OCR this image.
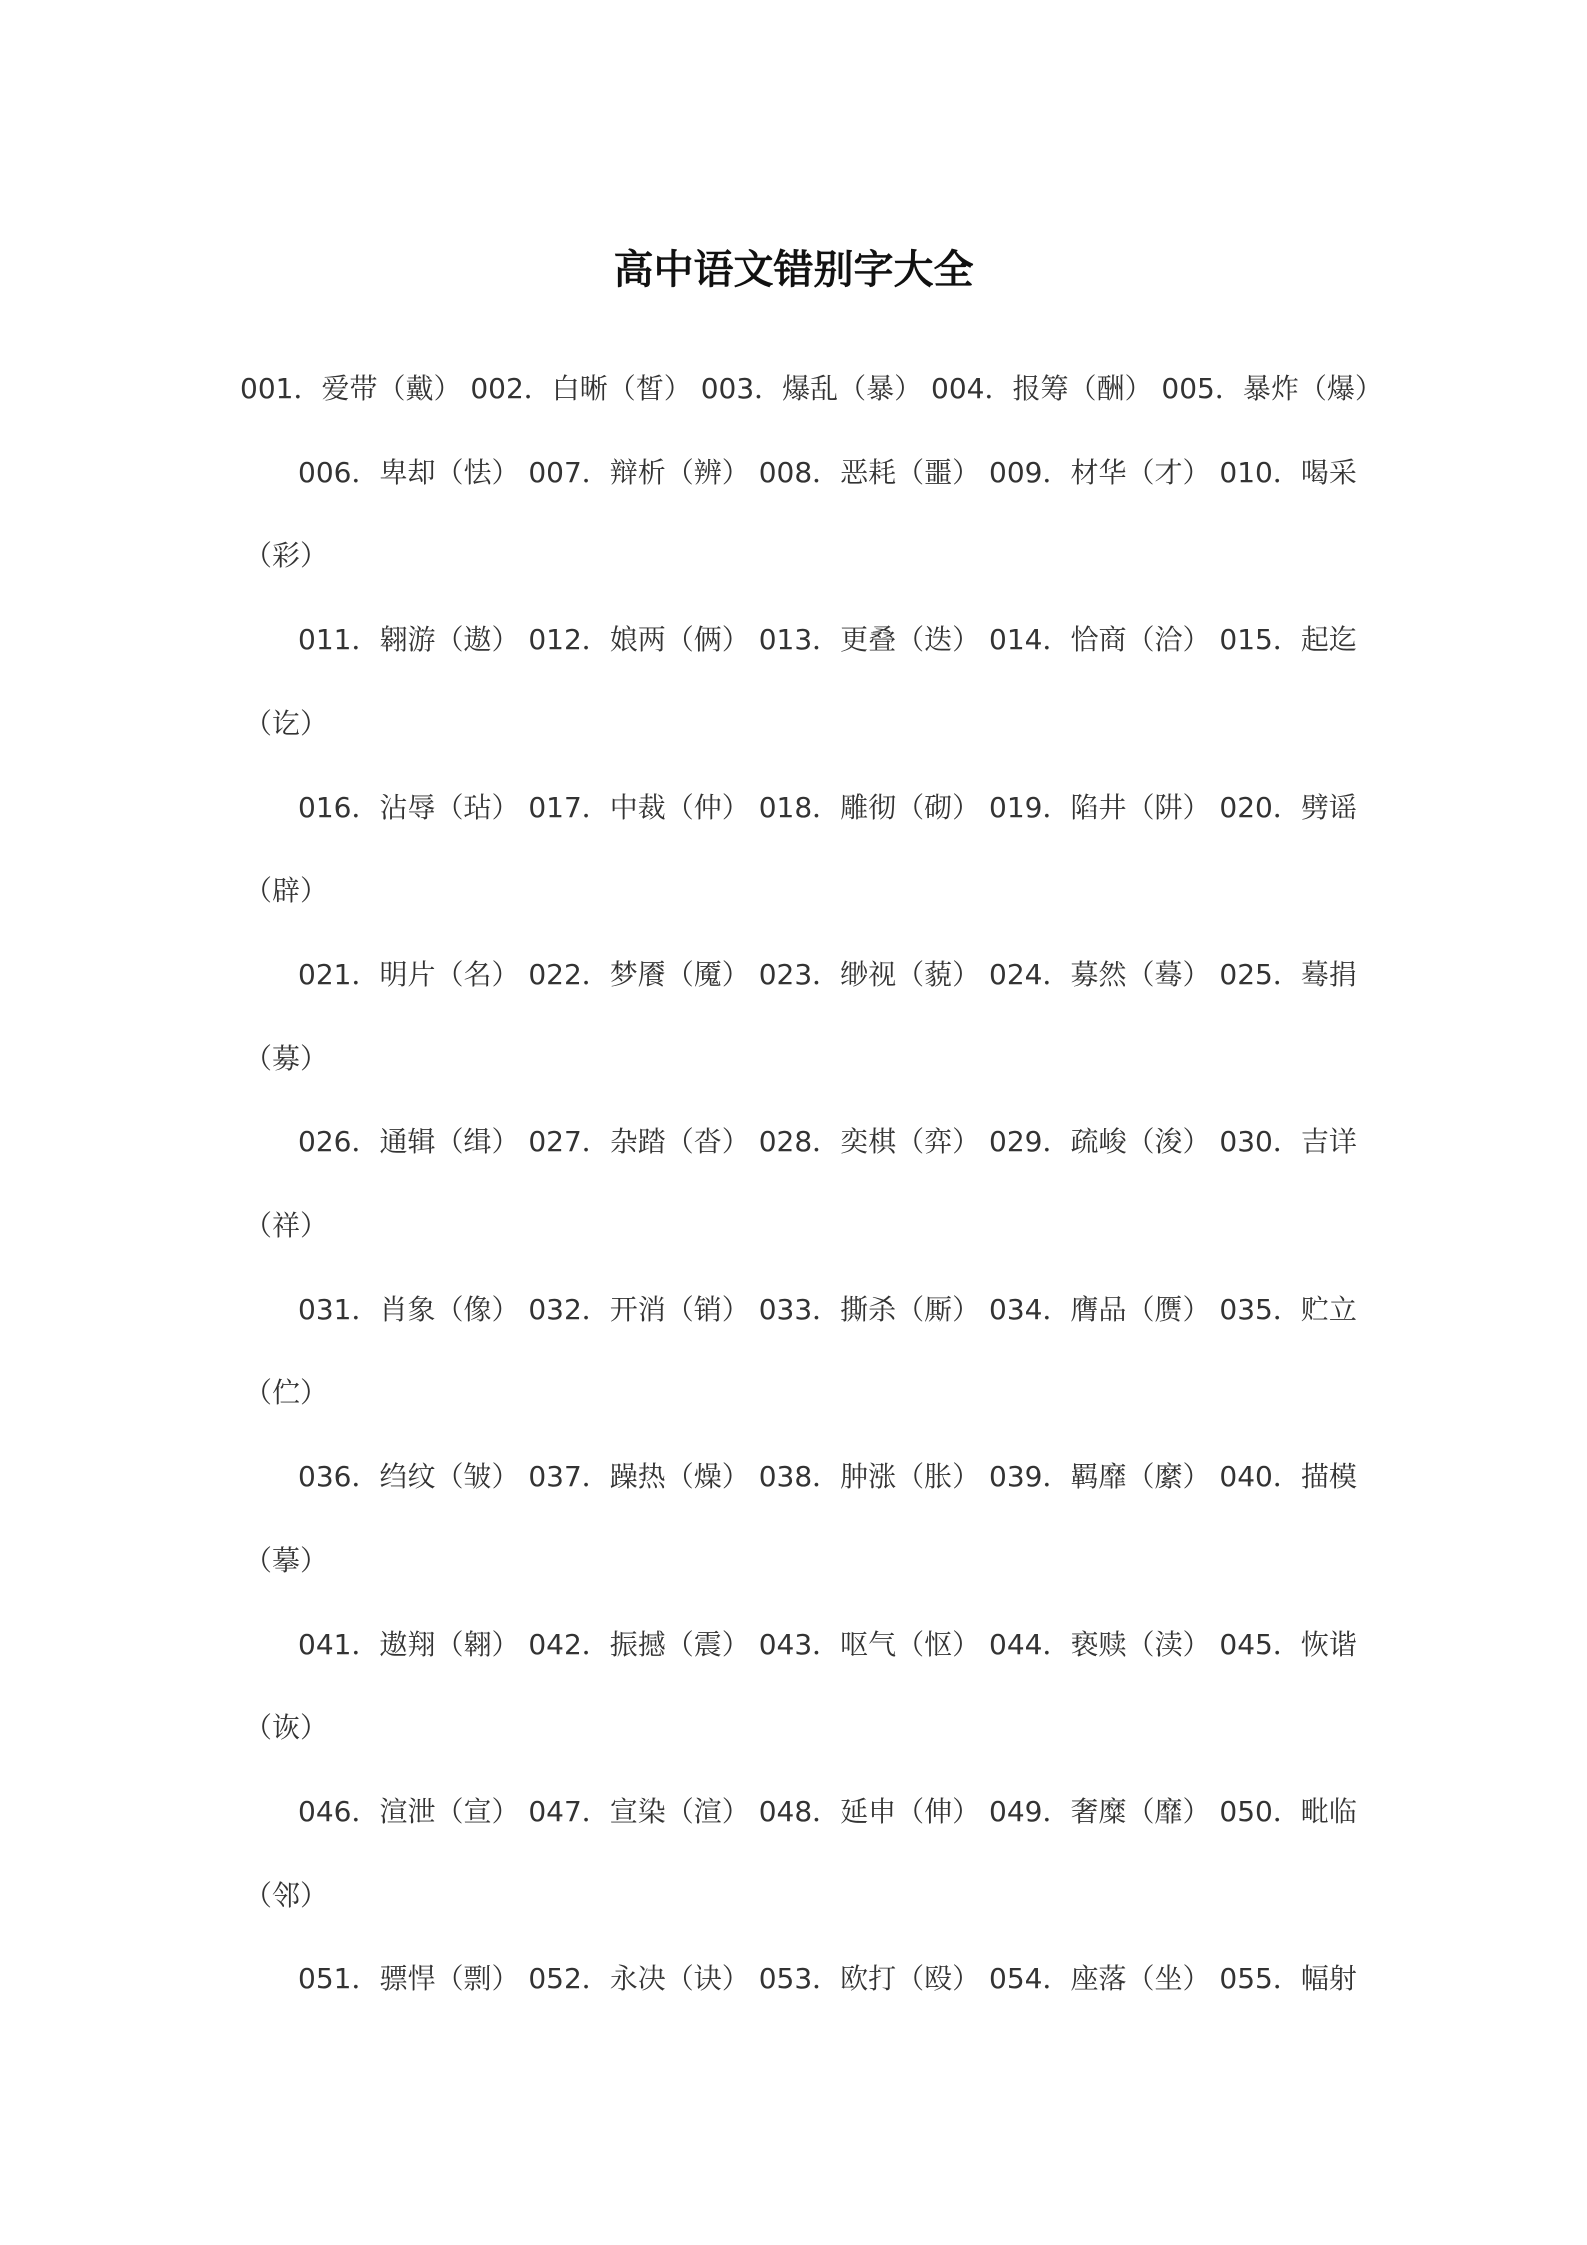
高中语文错别字大全
001．爱带（戴） 002．白晰（皙） 003．爆乱（暴） 004．报筹（酬） 005．暴炸（爆）
006．卑却（怯） 007．辩析（辨） 008．恶耗（噩） 009．材华（才） 010．喝采
（彩）
011．翱游（遨） 012．娘两（俩） 013．更叠（迭） 014．恰商（洽） 015．起迄
（讫）
016．沾辱（玷） 017．中裁（仲） 018．雕彻（砌） 019．陷井（阱） 020．劈谣
（辟）
021．明片（名） 022．梦餍（魇） 023．缈视（藐） 024．募然（蓦） 025．蓦捐
（募）
026．通辑（缉） 027．杂踏（沓） 028．奕棋（弈） 029．疏峻（浚） 030．吉详
（祥）
031．肖象（像） 032．开消（销） 033．撕杀（厮） 034．膺品（赝） 035．贮立
（伫）
036．绉纹（皱） 037．躁热（燥） 038．肿涨（胀） 039．羁靡（縻） 040．描模
（摹）
041．遨翔（翱） 042．振撼（震） 043．呕气（怄） 044．亵赎（渎） 045．恢谐
（诙）
046．渲泄（宣） 047．宣染（渲） 048．延申（伸） 049．奢糜（靡） 050．毗临
（邻）
051．骠悍（剽） 052．永决（诀） 053．欧打（殴） 054．座落（坐） 055．幅射
